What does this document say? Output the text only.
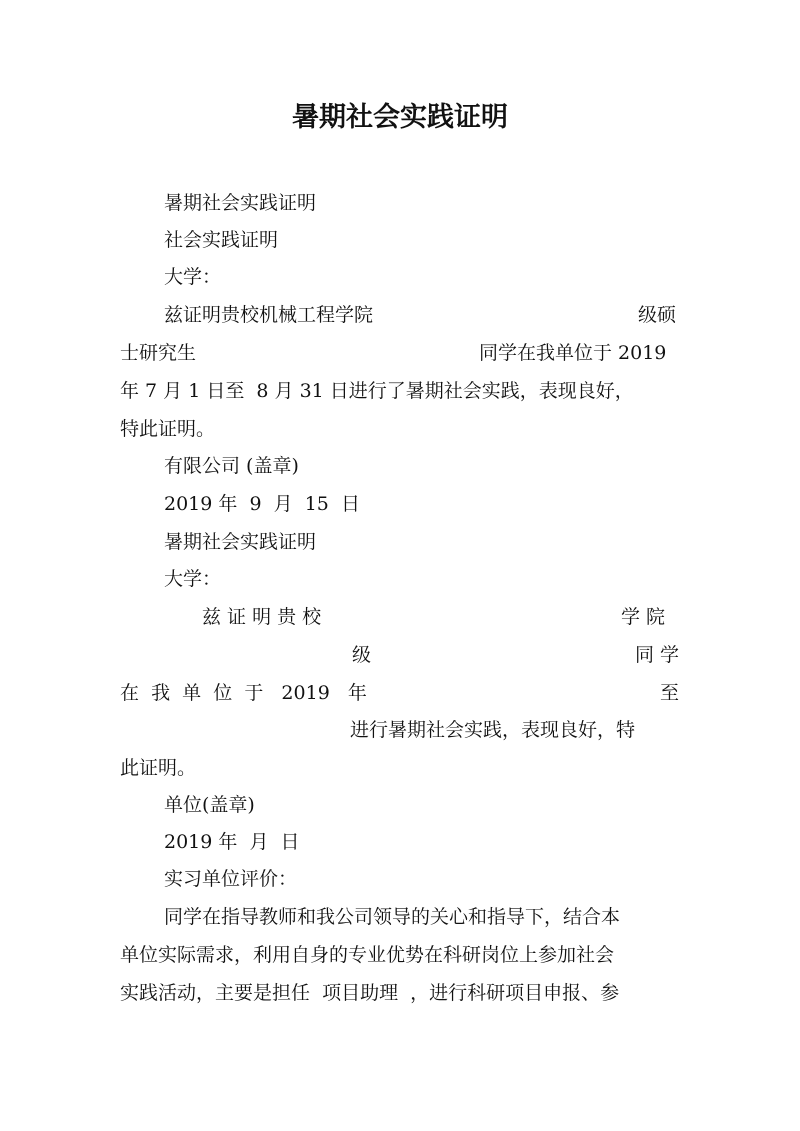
暑期社会实践证明
暑期社会实践证明
社会实践证明
大学：
兹证明贵校机械工程学院	级硕
士研究生	同学在我单位于 2019
年 7 月 1 日至  8 月 31 日进行了暑期社会实践，表现良好，
特此证明。
有限公司 (盖章)
2019 年  9  月  15  日
暑期社会实践证明
大学：
兹 证 明 贵 校	学 院
级	同 学
在  我  单  位  于   2019   年	至
进行暑期社会实践，表现良好，特
此证明。
单位(盖章)
2019 年  月  日
实习单位评价：
同学在指导教师和我公司领导的关心和指导下，结合本
单位实际需求，利用自身的专业优势在科研岗位上参加社会
实践活动，主要是担任  项目助理  ，进行科研项目申报、参
